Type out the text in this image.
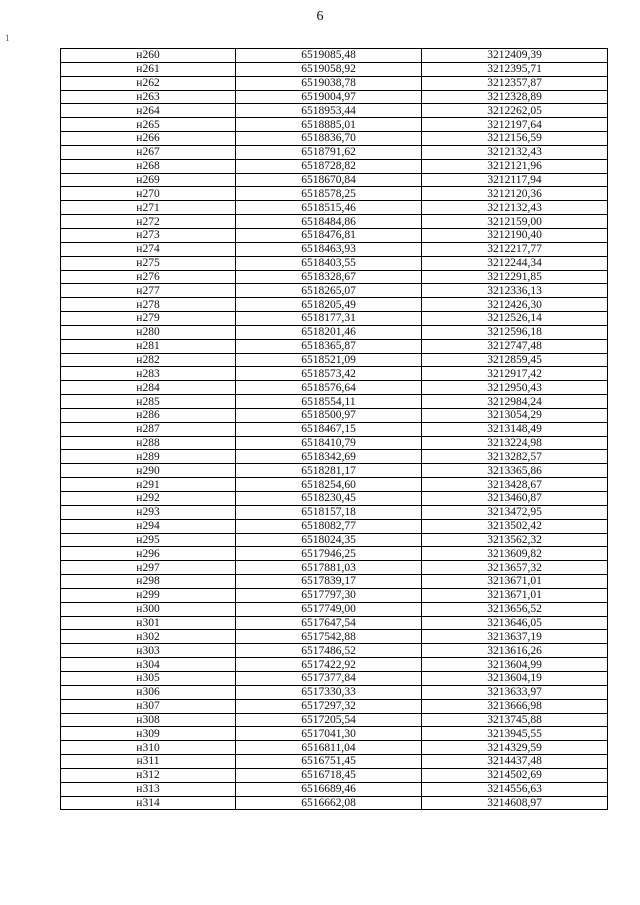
6
1
н260	6519085,48	3212409,39
н261	6519058,92	3212395,71
н262	6519038,78	3212357,87
н263	6519004,97	3212328,89
н264	6518953,44	3212262,05
н265	6518885,01	3212197,64
н266	6518836,70	3212156,59
н267	6518791,62	3212132,43
н268	6518728,82	3212121,96
н269	6518670,84	3212117,94
н270	6518578,25	3212120,36
н271	6518515,46	3212132,43
н272	6518484,86	3212159,00
н273	6518476,81	3212190,40
н274	6518463,93	3212217,77
н275	6518403,55	3212244,34
н276	6518328,67	3212291,85
н277	6518265,07	3212336,13
н278	6518205,49	3212426,30
н279	6518177,31	3212526,14
н280	6518201,46	3212596,18
н281	6518365,87	3212747,48
н282	6518521,09	3212859,45
н283	6518573,42	3212917,42
н284	6518576,64	3212950,43
н285	6518554,11	3212984,24
н286	6518500,97	3213054,29
н287	6518467,15	3213148,49
н288	6518410,79	3213224,98
н289	6518342,69	3213282,57
н290	6518281,17	3213365,86
н291	6518254,60	3213428,67
н292	6518230,45	3213460,87
н293	6518157,18	3213472,95
н294	6518082,77	3213502,42
н295	6518024,35	3213562,32
н296	6517946,25	3213609,82
н297	6517881,03	3213657,32
н298	6517839,17	3213671,01
н299	6517797,30	3213671,01
н300	6517749,00	3213656,52
н301	6517647,54	3213646,05
н302	6517542,88	3213637,19
н303	6517486,52	3213616,26
н304	6517422,92	3213604,99
н305	6517377,84	3213604,19
н306	6517330,33	3213633,97
н307	6517297,32	3213666,98
н308	6517205,54	3213745,88
н309	6517041,30	3213945,55
н310	6516811,04	3214329,59
н311	6516751,45	3214437,48
н312	6516718,45	3214502,69
н313	6516689,46	3214556,63
н314	6516662,08	3214608,97
